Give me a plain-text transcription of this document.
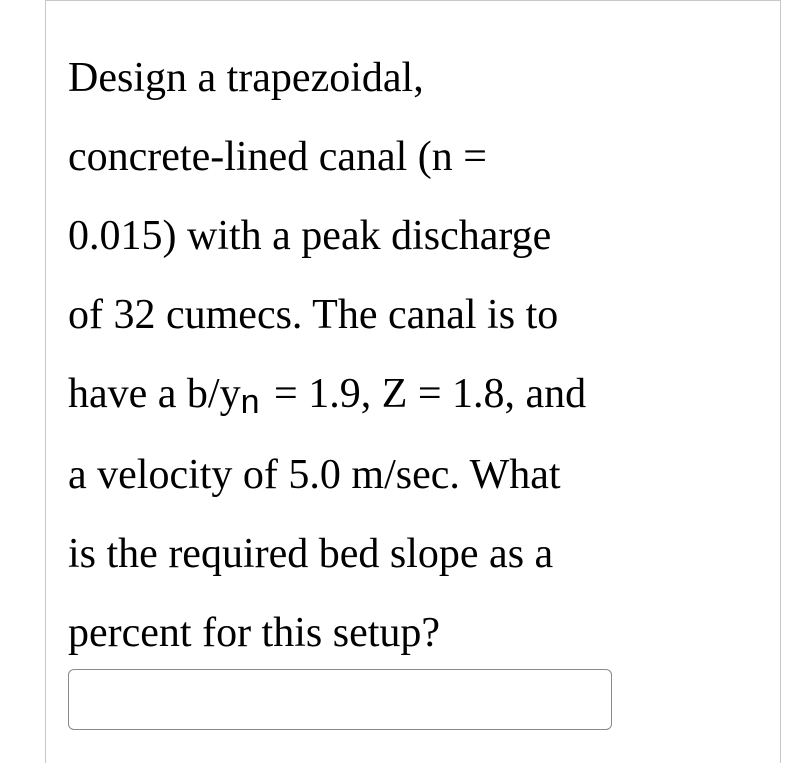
Design a trapezoidal,
concrete-lined canal (n =
0.015) with a peak discharge
of 32 cumecs. The canal is to
have a b/yn = 1.9, Z = 1.8, and
a velocity of 5.0 m/sec. What
is the required bed slope as a
percent for this setup?
